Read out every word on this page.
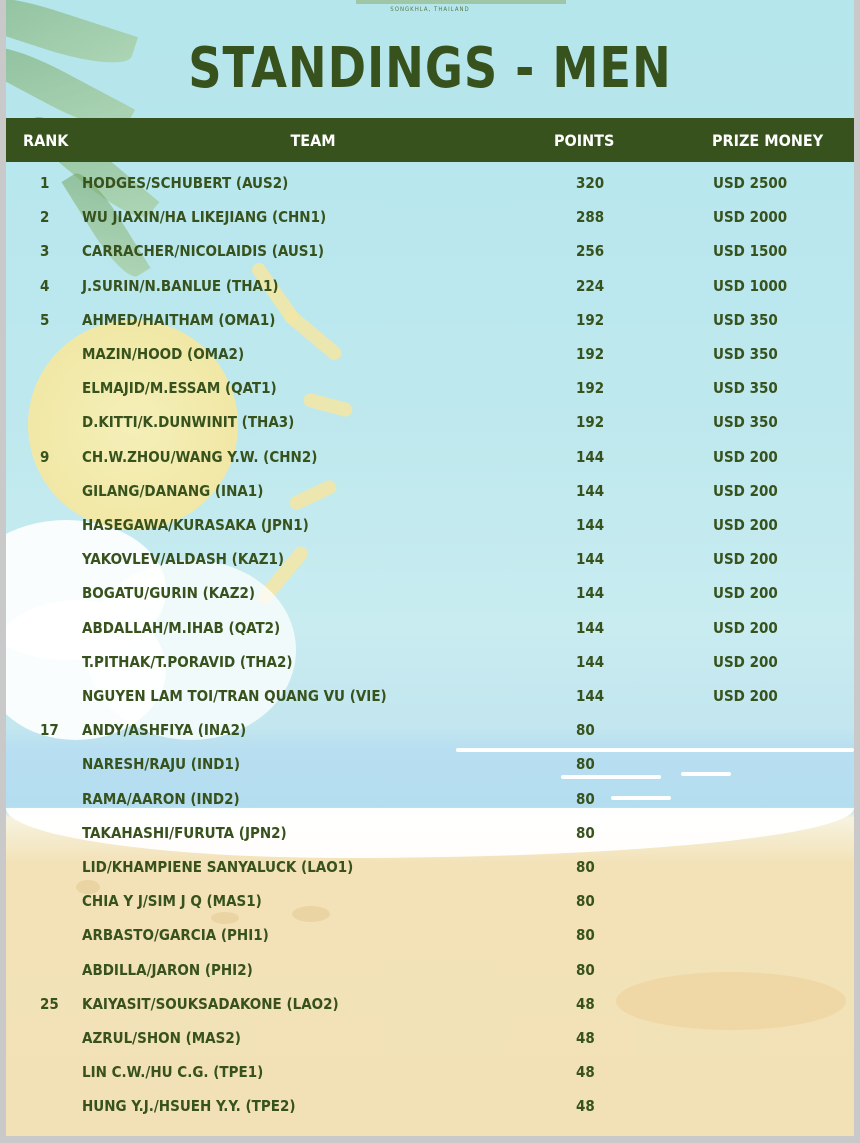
SONGKHLA, THAILAND
STANDINGS - MEN
RANK	TEAM	POINTS	PRIZE MONEY
1 HODGES/SCHUBERT (AUS2)	320	USD 2500
2 WU JIAXIN/HA LIKEJIANG (CHN1)	288	USD 2000
3 CARRACHER/NICOLAIDIS (AUS1)	256	USD 1500
4 J.SURIN/N.BANLUE (THA1)	224	USD 1000
5 AHMED/HAITHAM (OMA1)	192	USD 350
MAZIN/HOOD (OMA2)	192	USD 350
ELMAJID/M.ESSAM (QAT1)	192	USD 350
D.KITTI/K.DUNWINIT (THA3)	192	USD 350
9 CH.W.ZHOU/WANG Y.W. (CHN2)	144	USD 200
GILANG/DANANG (INA1)	144	USD 200
HASEGAWA/KURASAKA (JPN1)	144	USD 200
YAKOVLEV/ALDASH (KAZ1)	144	USD 200
BOGATU/GURIN (KAZ2)	144	USD 200
ABDALLAH/M.IHAB (QAT2)	144	USD 200
T.PITHAK/T.PORAVID (THA2)	144	USD 200
NGUYEN LAM TOI/TRAN QUANG VU (VIE)	144	USD 200
17 ANDY/ASHFIYA (INA2)	80
NARESH/RAJU (IND1)	80
RAMA/AARON (IND2)	80
TAKAHASHI/FURUTA (JPN2)	80
LID/KHAMPIENE SANYALUCK (LAO1)	80
CHIA Y J/SIM J Q (MAS1)	80
ARBASTO/GARCIA (PHI1)	80
ABDILLA/JARON (PHI2)	80
25 KAIYASIT/SOUKSADAKONE (LAO2)	48
AZRUL/SHON (MAS2)	48
LIN C.W./HU C.G. (TPE1)	48
HUNG Y.J./HSUEH Y.Y. (TPE2)	48
